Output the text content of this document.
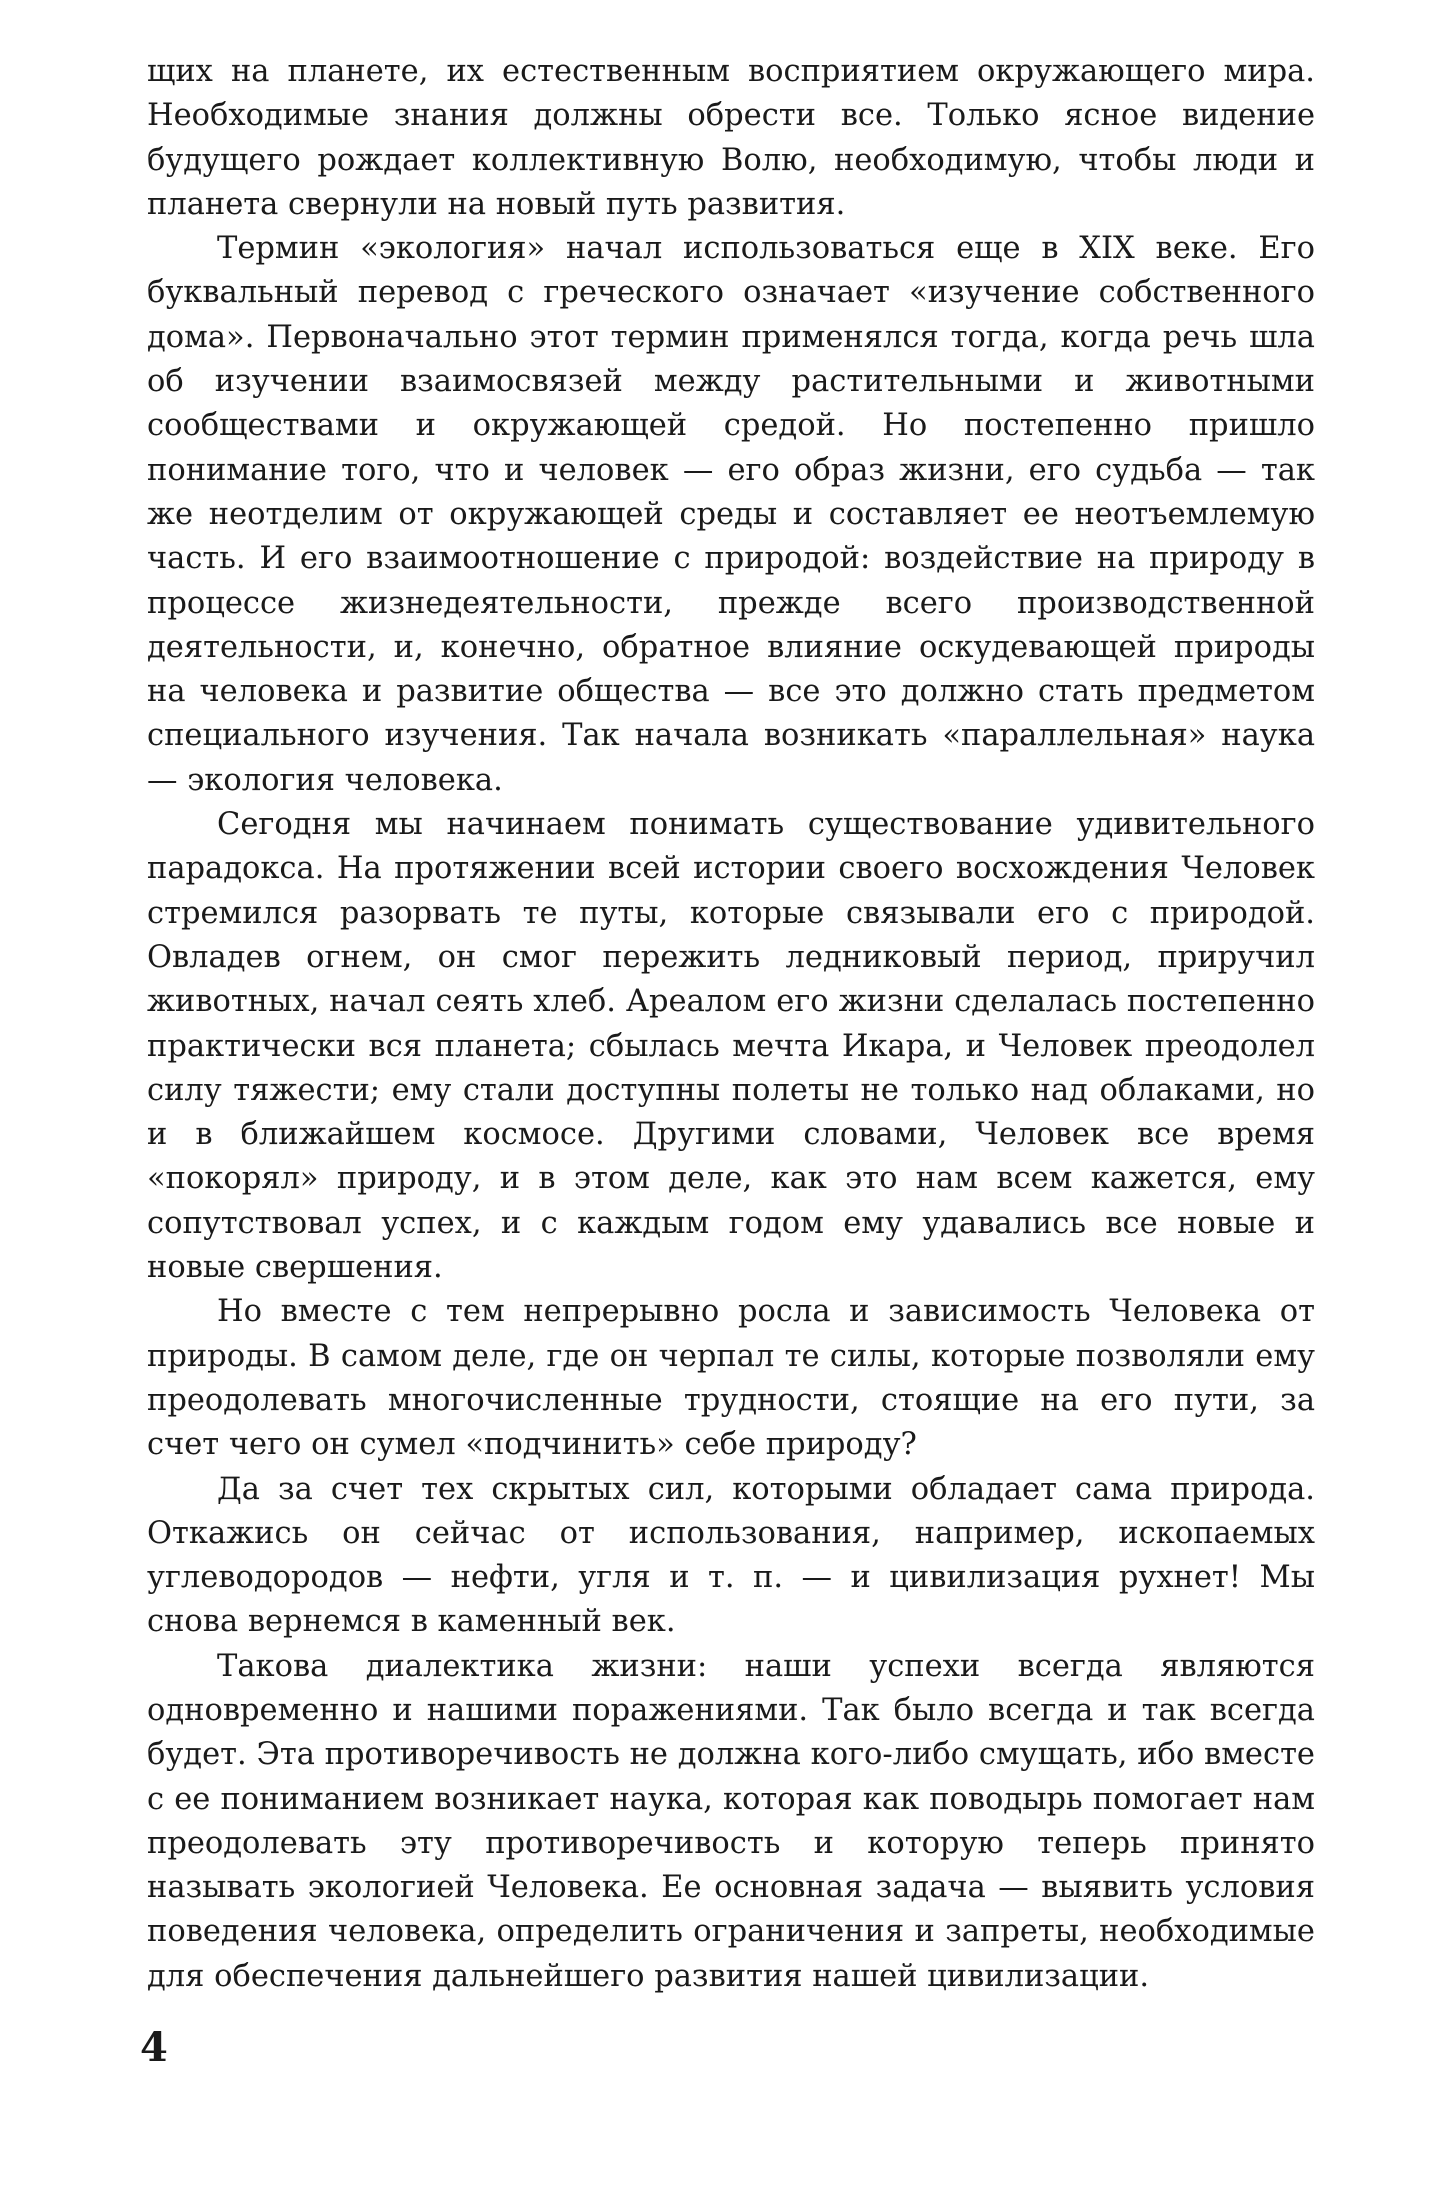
щих на планете, их естественным восприятием окружающего мира. Необходимые знания должны обрести все. Только ясное видение будущего рождает коллективную Волю, необходимую, чтобы люди и планета свернули на новый путь развития.

Термин «экология» начал использоваться еще в XIX веке. Его буквальный перевод с греческого означает «изучение собственного дома». Первоначально этот термин применялся тогда, когда речь шла об изучении взаимосвязей между растительными и животными сообществами и окружающей средой. Но постепенно пришло понимание того, что и человек — его образ жизни, его судьба — так же неотделим от окружающей среды и составляет ее неотъемлемую часть. И его взаимоотношение с природой: воздействие на природу в процессе жизнедеятельности, прежде всего производственной деятельности, и, конечно, обратное влияние оскудевающей природы на человека и развитие общества — все это должно стать предметом специального изучения. Так начала возникать «параллельная» наука — экология человека.

Сегодня мы начинаем понимать существование удивительного парадокса. На протяжении всей истории своего восхождения Человек стремился разорвать те путы, которые связывали его с природой. Овладев огнем, он смог пережить ледниковый период, приручил животных, начал сеять хлеб. Ареалом его жизни сделалась постепенно практически вся планета; сбылась мечта Икара, и Человек преодолел силу тяжести; ему стали доступны полеты не только над облаками, но и в ближайшем космосе. Другими словами, Человек все время «покорял» природу, и в этом деле, как это нам всем кажется, ему сопутствовал успех, и с каждым годом ему удавались все новые и новые свершения.

Но вместе с тем непрерывно росла и зависимость Человека от природы. В самом деле, где он черпал те силы, которые позволяли ему преодолевать многочисленные трудности, стоящие на его пути, за счет чего он сумел «подчинить» себе природу?

Да за счет тех скрытых сил, которыми обладает сама природа. Откажись он сейчас от использования, например, ископаемых углеводородов — нефти, угля и т. п. — и цивилизация рухнет! Мы снова вернемся в каменный век.

Такова диалектика жизни: наши успехи всегда являются одновременно и нашими поражениями. Так было всегда и так всегда будет. Эта противоречивость не должна кого-либо смущать, ибо вместе с ее пониманием возникает наука, которая как поводырь помогает нам преодолевать эту противоречивость и которую теперь принято называть экологией Человека. Ее основная задача — выявить условия поведения человека, определить ограничения и запреты, необходимые для обеспечения дальнейшего развития нашей цивилизации.

4
